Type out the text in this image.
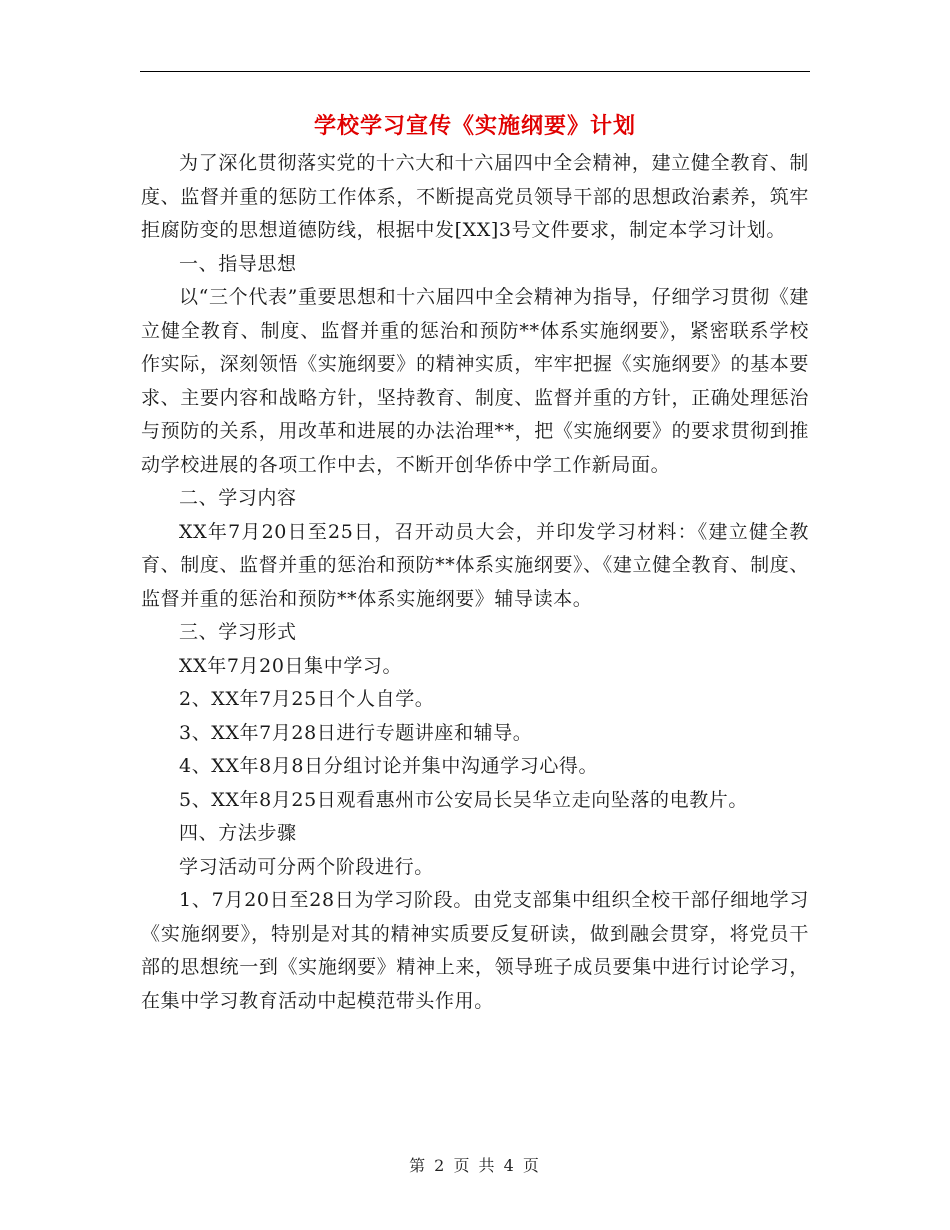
学校学习宣传《实施纲要》计划

为了深化贯彻落实党的十六大和十六届四中全会精神，建立健全教育、制度、监督并重的惩防工作体系，不断提高党员领导干部的思想政治素养，筑牢拒腐防变的思想道德防线，根据中发[XX]3号文件要求，制定本学习计划。

一、指导思想

以“三个代表”重要思想和十六届四中全会精神为指导，仔细学习贯彻《建立健全教育、制度、监督并重的惩治和预防**体系实施纲要》，紧密联系学校作实际，深刻领悟《实施纲要》的精神实质，牢牢把握《实施纲要》的基本要求、主要内容和战略方针，坚持教育、制度、监督并重的方针，正确处理惩治与预防的关系，用改革和进展的办法治理**，把《实施纲要》的要求贯彻到推动学校进展的各项工作中去，不断开创华侨中学工作新局面。

二、学习内容

XX年7月20日至25日，召开动员大会，并印发学习材料：《建立健全教育、制度、监督并重的惩治和预防**体系实施纲要》、《建立健全教育、制度、监督并重的惩治和预防**体系实施纲要》辅导读本。

三、学习形式

XX年7月20日集中学习。

2、XX年7月25日个人自学。

3、XX年7月28日进行专题讲座和辅导。

4、XX年8月8日分组讨论并集中沟通学习心得。

5、XX年8月25日观看惠州市公安局长吴华立走向坠落的电教片。

四、方法步骤

学习活动可分两个阶段进行。

1、7月20日至28日为学习阶段。由党支部集中组织全校干部仔细地学习《实施纲要》，特别是对其的精神实质要反复研读，做到融会贯穿，将党员干部的思想统一到《实施纲要》精神上来，领导班子成员要集中进行讨论学习，在集中学习教育活动中起模范带头作用。

第 2 页 共 4 页
